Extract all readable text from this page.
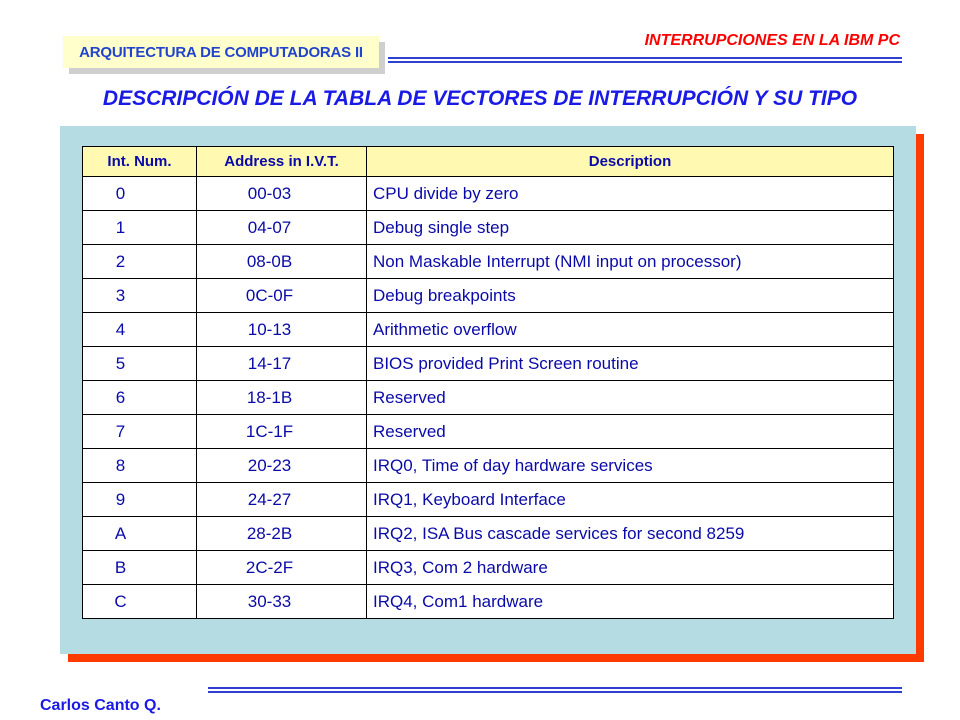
ARQUITECTURA DE COMPUTADORAS II
INTERRUPCIONES EN LA IBM PC
DESCRIPCIÓN DE LA TABLA DE VECTORES DE INTERRUPCIÓN Y SU TIPO
Int. Num.	Address in I.V.T.	Description
0	00-03	CPU divide by zero
1	04-07	Debug single step
2	08-0B	Non Maskable Interrupt (NMI input on processor)
3	0C-0F	Debug breakpoints
4	10-13	Arithmetic overflow
5	14-17	BIOS provided Print Screen routine
6	18-1B	Reserved
7	1C-1F	Reserved
8	20-23	IRQ0, Time of day hardware services
9	24-27	IRQ1, Keyboard Interface
A	28-2B	IRQ2, ISA Bus cascade services for second 8259
B	2C-2F	IRQ3, Com 2 hardware
C	30-33	IRQ4, Com1 hardware
Carlos Canto Q.
